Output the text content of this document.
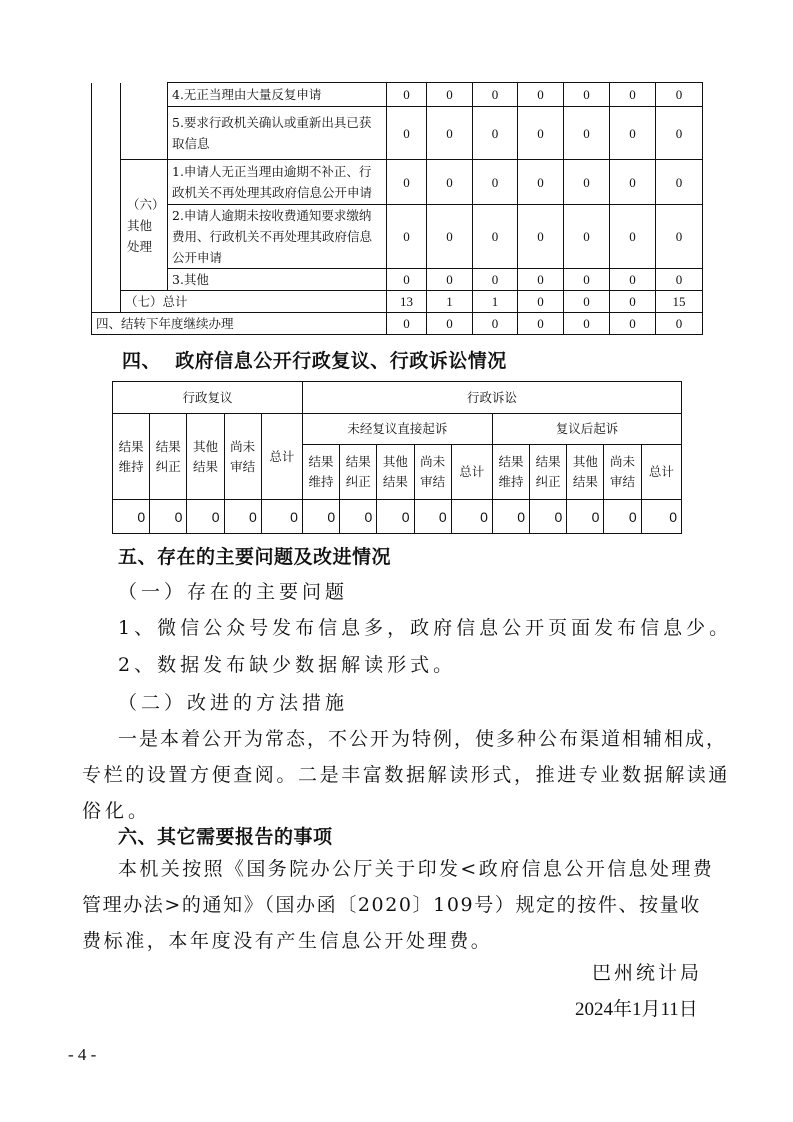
		4.无正当理由大量反复申请	0	0	0	0	0	0	0
		5.要求行政机关确认或重新出具已获取信息	0	0	0	0	0	0	0
	（六）其他处理	1.申请人无正当理由逾期不补正、行政机关不再处理其政府信息公开申请	0	0	0	0	0	0	0
		2.申请人逾期未按收费通知要求缴纳费用、行政机关不再处理其政府信息公开申请	0	0	0	0	0	0	0
		3.其他	0	0	0	0	0	0	0
	（七）总计		13	1	1	0	0	0	15
四、结转下年度继续办理			0	0	0	0	0	0	0
四、  政府信息公开行政复议、行政诉讼情况
行政复议					行政诉讼									
结果维持	结果纠正	其他结果	尚未审结	总计	未经复议直接起诉					复议后起诉				
					结果维持	结果纠正	其他结果	尚未审结	总计	结果维持	结果纠正	其他结果	尚未审结	总计
0	0	0	0	0	0	0	0	0	0	0	0	0	0	0
五、存在的主要问题及改进情况
（一）存在的主要问题
1、微信公众号发布信息多，政府信息公开页面发布信息少。
2、数据发布缺少数据解读形式。
（二）改进的方法措施
一是本着公开为常态，不公开为特例，使多种公布渠道相辅相成，
专栏的设置方便查阅。二是丰富数据解读形式，推进专业数据解读通
俗化。
六、其它需要报告的事项
本机关按照《国务院办公厅关于印发<政府信息公开信息处理费
管理办法>的通知》（国办函〔2020〕109号）规定的按件、按量收
费标准，本年度没有产生信息公开处理费。
巴州统计局
2024年1月11日
- 4 -
